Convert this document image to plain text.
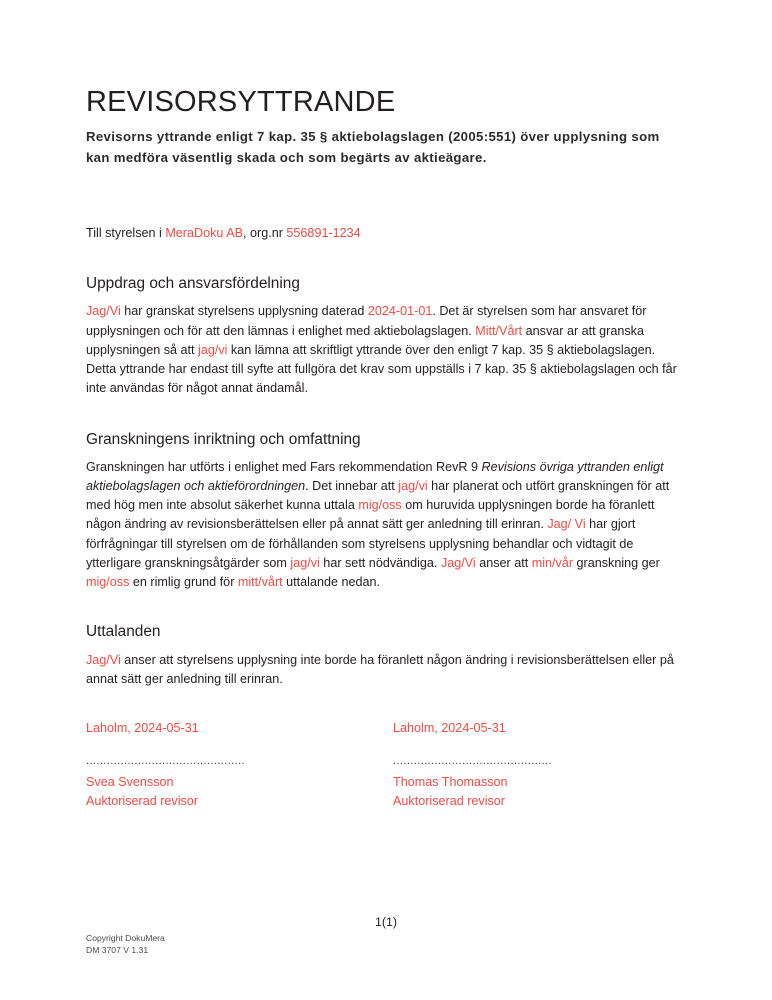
REVISORSYTTRANDE

Revisorns yttrande enligt 7 kap. 35 § aktiebolagslagen (2005:551) över upplysning som kan medföra väsentlig skada och som begärts av aktieägare.

Till styrelsen i MeraDoku AB, org.nr 556891-1234
Uppdrag och ansvarsfördelning

Jag/Vi har granskat styrelsens upplysning daterad 2024-01-01. Det är styrelsen som har ansvaret för upplysningen och för att den lämnas i enlighet med aktiebolagslagen. Mitt/Vårt ansvar ar att granska upplysningen så att jag/vi kan lämna att skriftligt yttrande över den enligt 7 kap. 35 § aktiebolagslagen. Detta yttrande har endast till syfte att fullgöra det krav som uppställs i 7 kap. 35 § aktiebolagslagen och får inte användas för något annat ändamål.

Granskningens inriktning och omfattning

Granskningen har utförts i enlighet med Fars rekommendation RevR 9 Revisions övriga yttranden enligt aktiebolagslagen och aktieförordningen. Det innebar att jag/vi har planerat och utfört granskningen för att med hög men inte absolut säkerhet kunna uttala mig/oss om huruvida upplysningen borde ha föranlett någon ändring av revisionsberättelsen eller på annat sätt ger anledning till erinran. Jag/ Vi har gjort förfrågningar till styrelsen om de förhållanden som styrelsens upplysning behandlar och vidtagit de ytterligare granskningsåtgärder som jag/vi har sett nödvändiga. Jag/Vi anser att min/vår granskning ger mig/oss en rimlig grund för mitt/vårt uttalande nedan.

Uttalanden

Jag/Vi anser att styrelsens upplysning inte borde ha föranlett någon ändring i revisionsberättelsen eller på annat sätt ger anledning till erinran.

Laholm, 2024-05-31
..............................................
Svea Svensson
Auktoriserad revisor
Laholm, 2024-05-31
..............................................
Thomas Thomasson
Auktoriserad revisor
1(1)
Copyright DokuMera
DM 3707 V 1.31
